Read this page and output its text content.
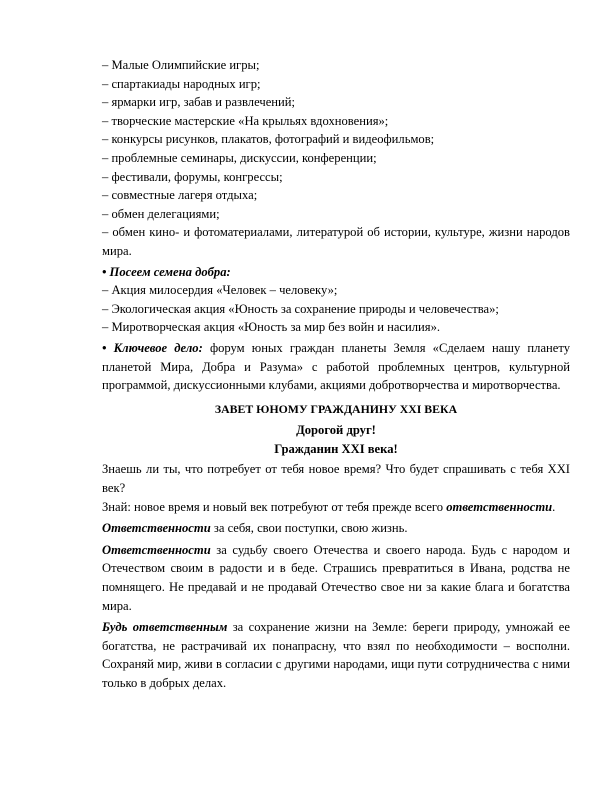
– Малые Олимпийские игры;

– спартакиады народных игр;

– ярмарки игр, забав и развлечений;

– творческие мастерские «На крыльях вдохновения»;

– конкурсы рисунков, плакатов, фотографий и видеофильмов;

– проблемные семинары, дискуссии, конференции;

– фестивали, форумы, конгрессы;

– совместные лагеря отдыха;

– обмен делегациями;

– обмен кино- и фотоматериалами, литературой об истории, культуре, жизни народов мира.

• Посеем семена добра:

– Акция милосердия «Человек – человеку»;

– Экологическая акция «Юность за сохранение природы и человечества»;

– Миротворческая акция «Юность за мир без войн и насилия».

• Ключевое дело: форум юных граждан планеты Земля «Сделаем нашу планету планетой Мира, Добра и Разума» с работой проблемных центров, культурной программой, дискуссионными клубами, акциями добротворчества и миротворчества.

ЗАВЕТ ЮНОМУ ГРАЖДАНИНУ XXI ВЕКА

Дорогой друг!

Гражданин XXI века!

Знаешь ли ты, что потребует от тебя новое время? Что будет спрашивать с тебя XXI век?

Знай: новое время и новый век потребуют от тебя прежде всего ответственности.

Ответственности за себя, свои поступки, свою жизнь.

Ответственности за судьбу своего Отечества и своего народа. Будь с народом и Отечеством своим в радости и в беде. Страшись превратиться в Ивана, родства не помнящего. Не предавай и не продавай Отечество свое ни за какие блага и богатства мира.

Будь ответственным за сохранение жизни на Земле: береги природу, умножай ее богатства, не растрачивай их понапрасну, что взял по необходимости – восполни. Сохраняй мир, живи в согласии с другими народами, ищи пути сотрудничества с ними только в добрых делах.
